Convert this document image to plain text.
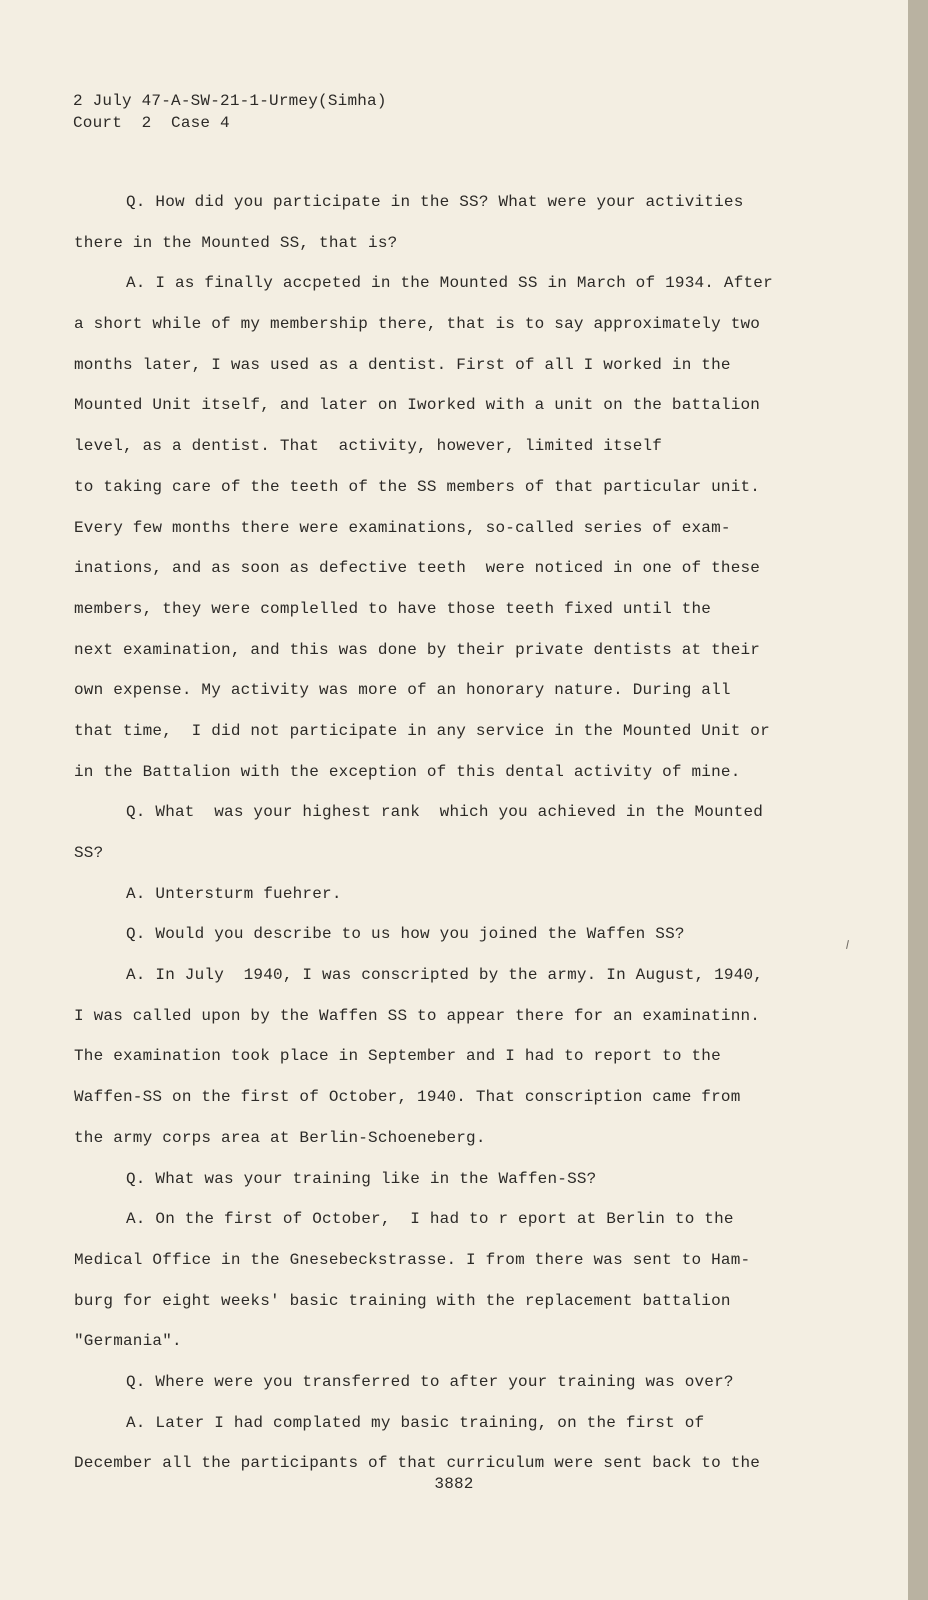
2 July 47-A-SW-21-1-Urmey(Simha)
Court  2  Case 4
Q. How did you participate in the SS? What were your activities
there in the Mounted SS, that is?
A. I as finally accpeted in the Mounted SS in March of 1934. After
a short while of my membership there, that is to say approximately two
months later, I was used as a dentist. First of all I worked in the
Mounted Unit itself, and later on Iworked with a unit on the battalion
level, as a dentist. That  activity, however, limited itself
to taking care of the teeth of the SS members of that particular unit.
Every few months there were examinations, so-called series of exam-
inations, and as soon as defective teeth  were noticed in one of these
members, they were complelled to have those teeth fixed until the
next examination, and this was done by their private dentists at their
own expense. My activity was more of an honorary nature. During all
that time,  I did not participate in any service in the Mounted Unit or
in the Battalion with the exception of this dental activity of mine.
Q. What  was your highest rank  which you achieved in the Mounted
SS?
A. Untersturm fuehrer.
Q. Would you describe to us how you joined the Waffen SS?
A. In July  1940, I was conscripted by the army. In August, 1940,
I was called upon by the Waffen SS to appear there for an examinatinn.
The examination took place in September and I had to report to the
Waffen-SS on the first of October, 1940. That conscription came from
the army corps area at Berlin-Schoeneberg.
Q. What was your training like in the Waffen-SS?
A. On the first of October,  I had to r eport at Berlin to the
Medical Office in the Gnesebeckstrasse. I from there was sent to Ham-
burg for eight weeks' basic training with the replacement battalion
"Germania".
Q. Where were you transferred to after your training was over?
A. Later I had complated my basic training, on the first of
December all the participants of that curriculum were sent back to the
3882
